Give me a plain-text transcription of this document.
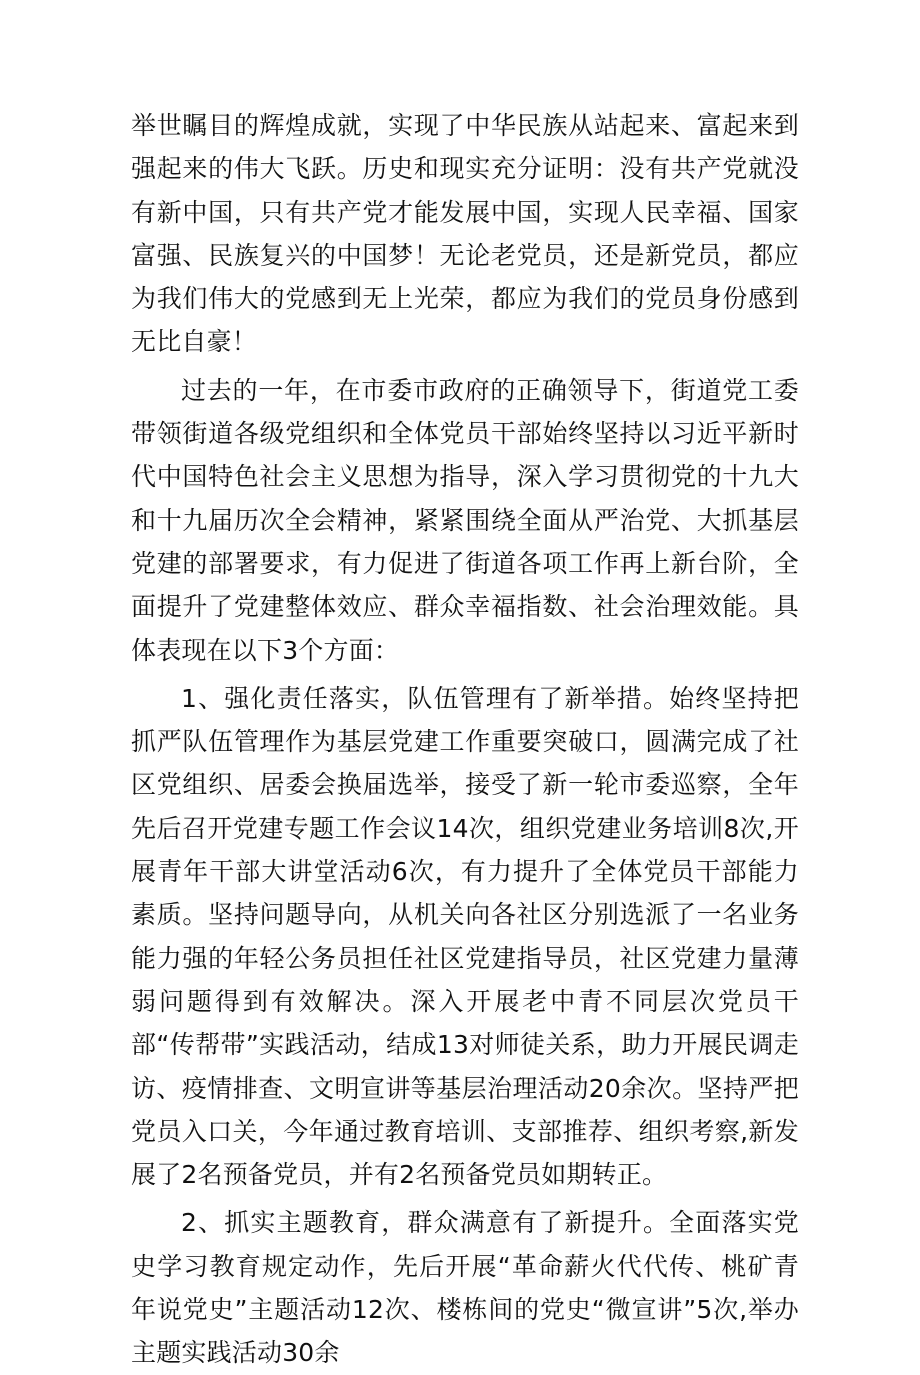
举世瞩目的辉煌成就，实现了中华民族从站起来、富起来到强起来的伟大飞跃。历史和现实充分证明：没有共产党就没有新中国，只有共产党才能发展中国，实现人民幸福、国家富强、民族复兴的中国梦！无论老党员，还是新党员，都应为我们伟大的党感到无上光荣，都应为我们的党员身份感到无比自豪！

过去的一年，在市委市政府的正确领导下，街道党工委带领街道各级党组织和全体党员干部始终坚持以习近平新时代中国特色社会主义思想为指导，深入学习贯彻党的十九大和十九届历次全会精神，紧紧围绕全面从严治党、大抓基层党建的部署要求，有力促进了街道各项工作再上新台阶，全面提升了党建整体效应、群众幸福指数、社会治理效能。具体表现在以下3个方面：

1、强化责任落实，队伍管理有了新举措。始终坚持把抓严队伍管理作为基层党建工作重要突破口，圆满完成了社区党组织、居委会换届选举，接受了新一轮市委巡察，全年先后召开党建专题工作会议14次，组织党建业务培训8次,开展青年干部大讲堂活动6次，有力提升了全体党员干部能力素质。坚持问题导向，从机关向各社区分别选派了一名业务能力强的年轻公务员担任社区党建指导员，社区党建力量薄弱问题得到有效解决。深入开展老中青不同层次党员干部“传帮带”实践活动，结成13对师徒关系，助力开展民调走访、疫情排查、文明宣讲等基层治理活动20余次。坚持严把党员入口关，今年通过教育培训、支部推荐、组织考察,新发展了2名预备党员，并有2名预备党员如期转正。

2、抓实主题教育，群众满意有了新提升。全面落实党史学习教育规定动作，先后开展“革命薪火代代传、桃矿青年说党史”主题活动12次、楼栋间的党史“微宣讲”5次,举办主题实践活动30余
